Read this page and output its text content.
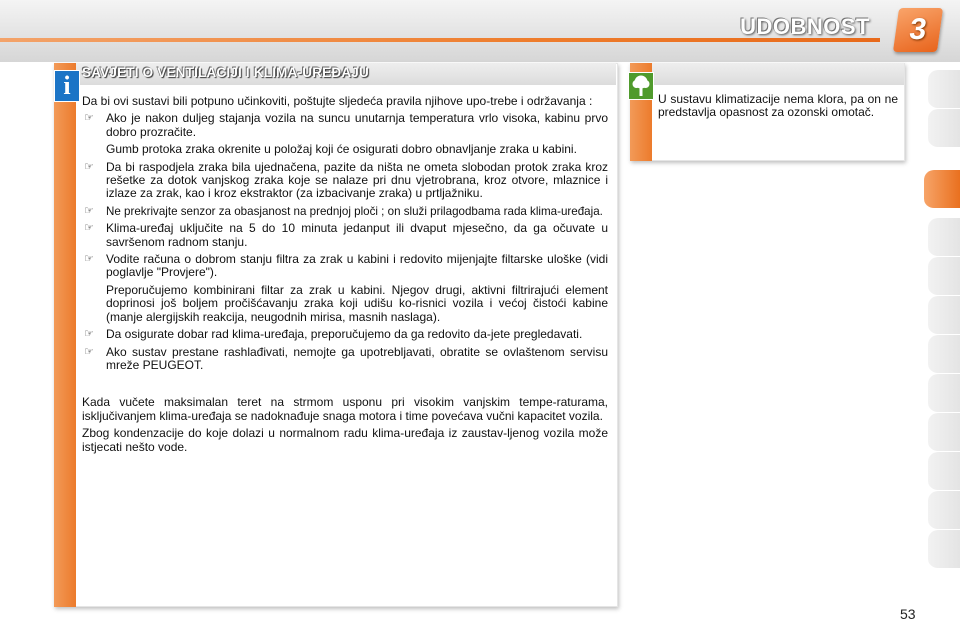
UDOBNOST	3
i SAVJETI O VENTILACIJI I KLIMA-UREĐAJU

Da bi ovi sustavi bili potpuno učinkoviti, poštujte sljedeća pravila njihove upo-trebe i održavanja :

☞ Ako je nakon duljeg stajanja vozila na suncu unutarnja temperatura vrlo visoka, kabinu prvo dobro prozračite.
Gumb protoka zraka okrenite u položaj koji će osigurati dobro obnavljanje zraka u kabini.
☞ Da bi raspodjela zraka bila ujednačena, pazite da ništa ne ometa slobodan protok zraka kroz rešetke za dotok vanjskog zraka koje se nalaze pri dnu vjetrobrana, kroz otvore, mlaznice i izlaze za zrak, kao i kroz ekstraktor (za izbacivanje zraka) u prtljažniku.
☞ Ne prekrivajte senzor za obasjanost na prednjoj ploči ; on služi prilagodbama rada klima-uređaja.
☞ Klima-uređaj uključite na 5 do 10 minuta jedanput ili dvaput mjesečno, da ga očuvate u savršenom radnom stanju.
☞ Vodite računa o dobrom stanju filtra za zrak u kabini i redovito mijenjajte filtarske uloške (vidi poglavlje "Provjere").
Preporučujemo kombinirani filtar za zrak u kabini. Njegov drugi, aktivni filtrirajući element doprinosi još boljem pročišćavanju zraka koji udišu ko-risnici vozila i većoj čistoći kabine (manje alergijskih reakcija, neugodnih mirisa, masnih naslaga).
☞ Da osigurate dobar rad klima-uređaja, preporučujemo da ga redovito da-jete pregledavati.
☞ Ako sustav prestane rashlađivati, nemojte ga upotrebljavati, obratite se ovlaštenom servisu mreže PEUGEOT.

Kada vučete maksimalan teret na strmom usponu pri visokim vanjskim tempe-raturama, isključivanjem klima-uređaja se nadoknađuje snaga motora i time povećava vučni kapacitet vozila.

Zbog kondenzacije do koje dolazi u normalnom radu klima-uređaja iz zaustav-ljenog vozila može istjecati nešto vode.

U sustavu klimatizacije nema klora, pa on ne predstavlja opasnost za ozonski omotač.
53
